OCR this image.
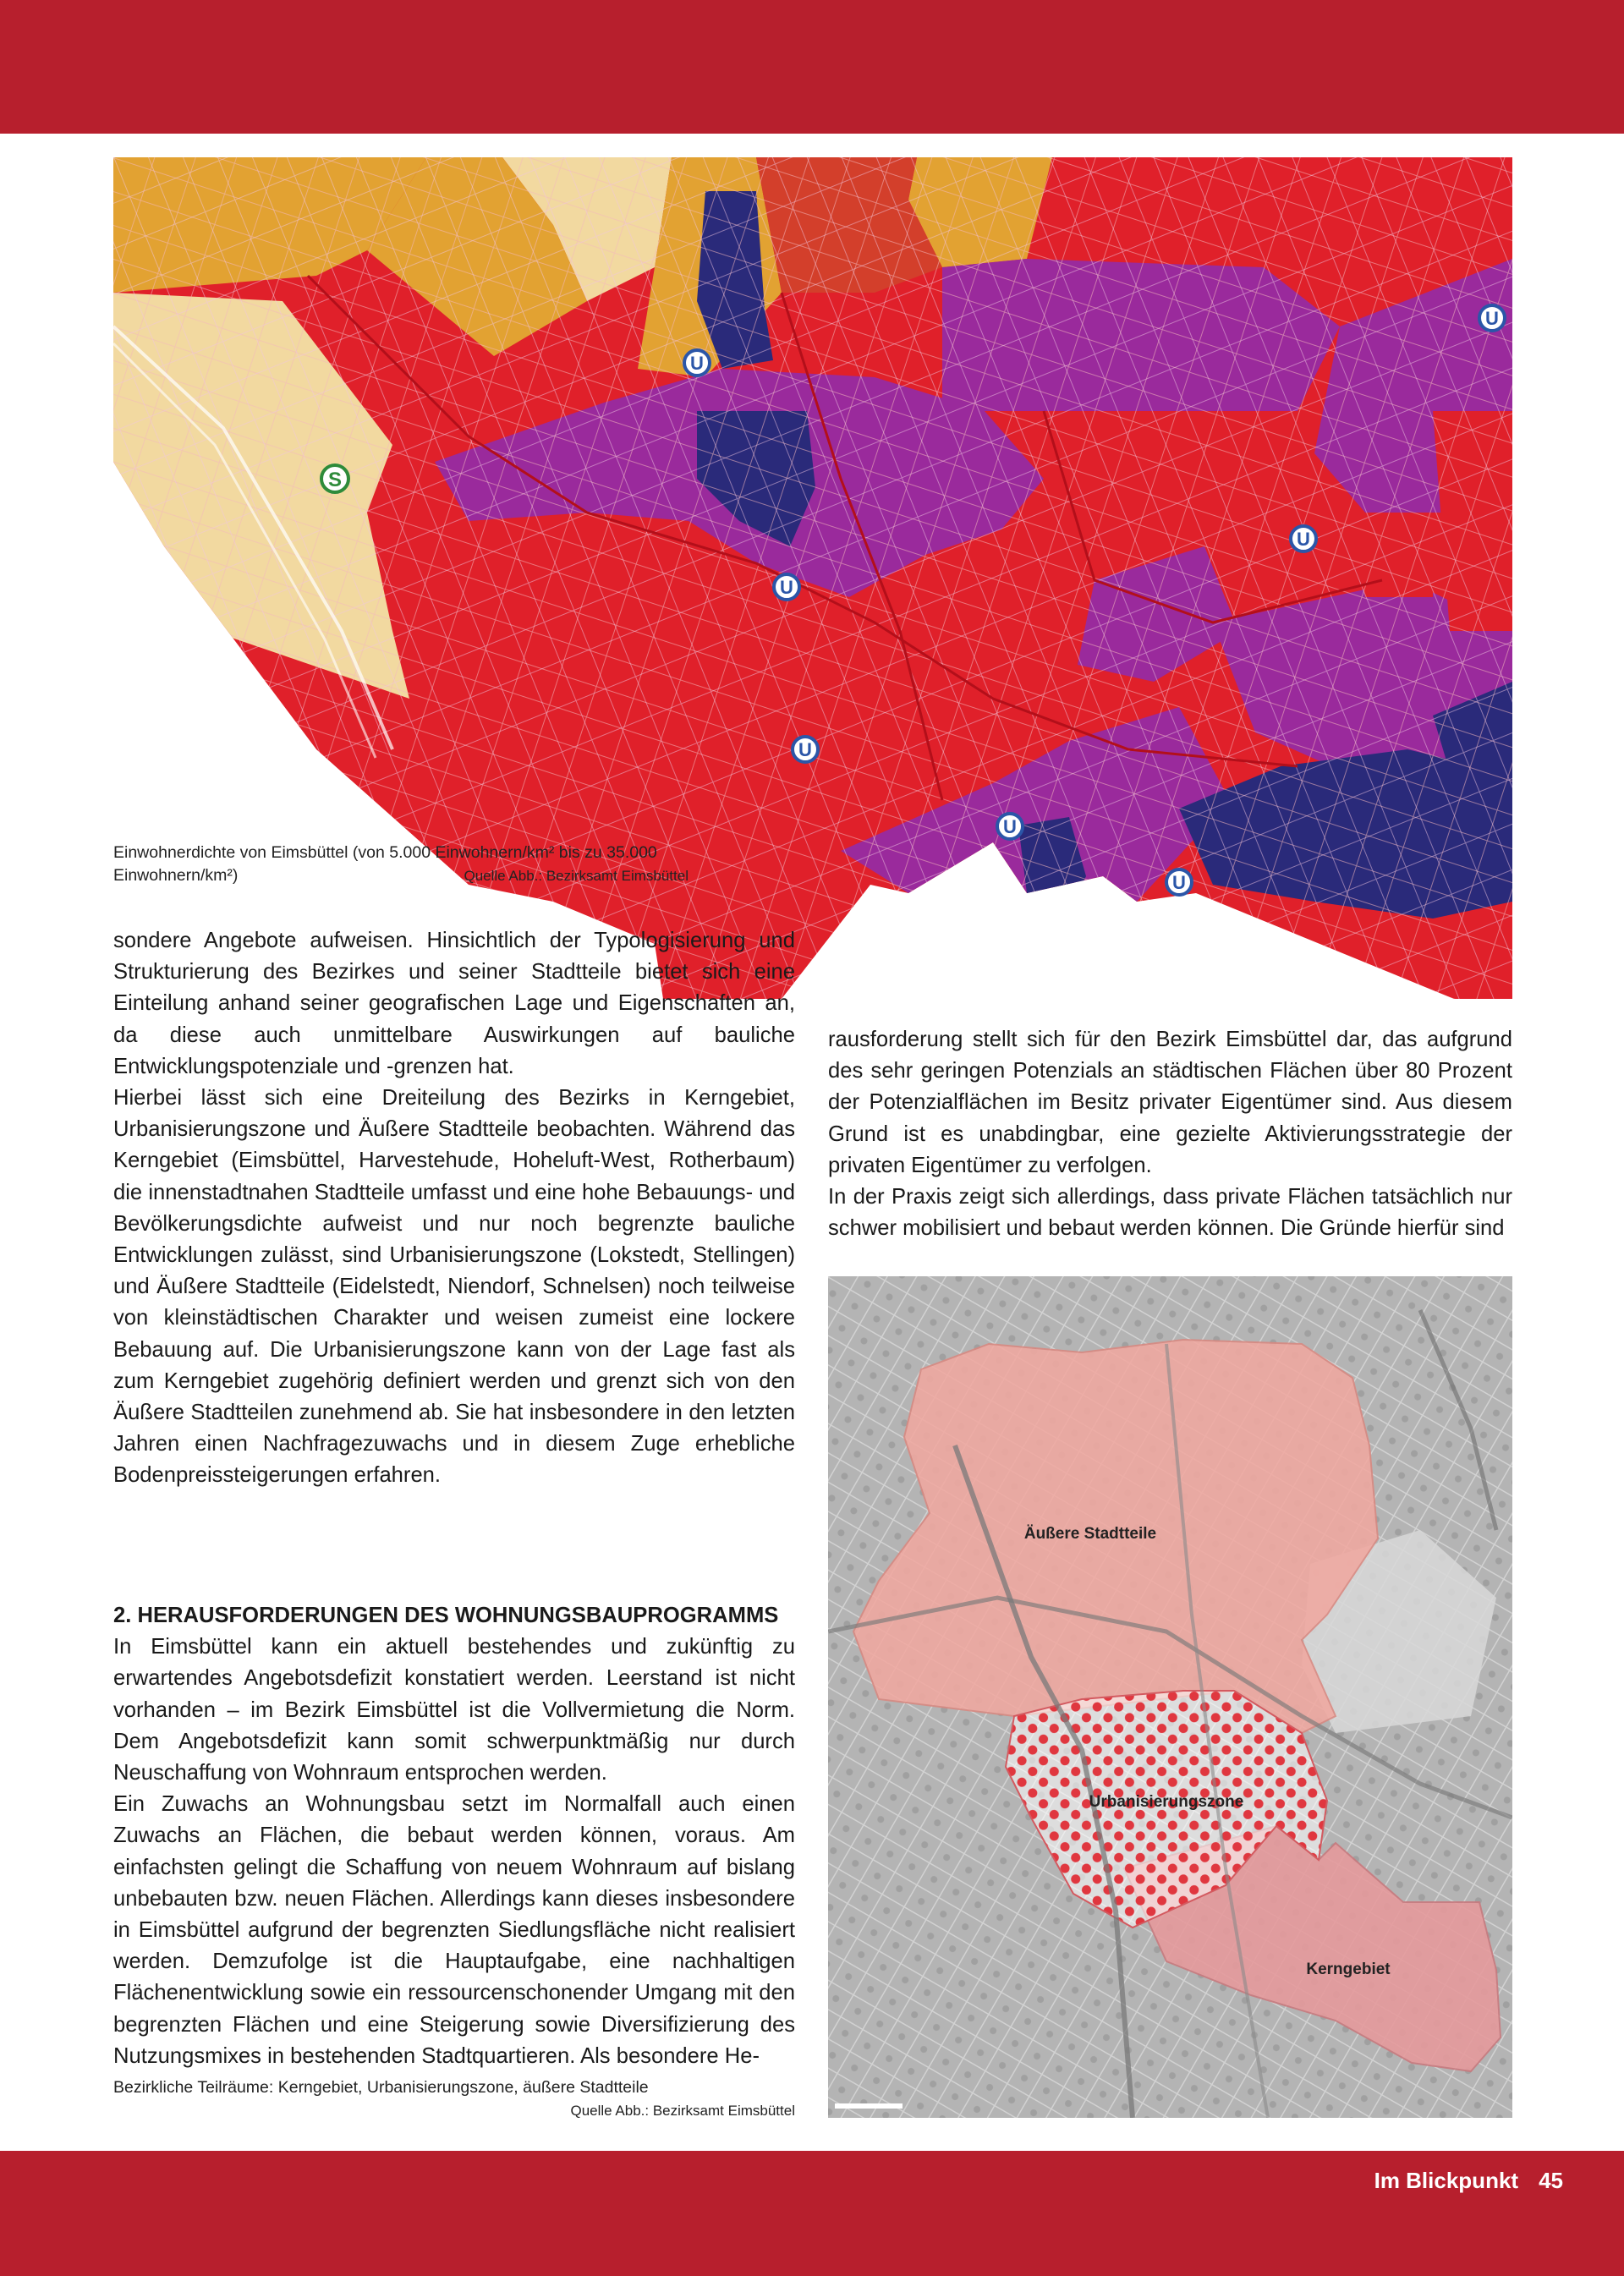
U
U
U
U
U
U
U
S
Einwohnerdichte von Eimsbüttel (von 5.000 Einwohnern/km² bis zu 35.000 Einwohnern/km²)	Quelle Abb.: Bezirksamt Eimsbüttel

sondere Angebote aufweisen. Hinsichtlich der Typologisierung und Strukturierung des Bezirkes und seiner Stadtteile bietet sich eine Einteilung anhand seiner geografischen Lage und Eigenschaften an, da diese auch unmittelbare Auswirkungen auf bauliche Entwicklungspotenziale und -grenzen hat.

Hierbei lässt sich eine Dreiteilung des Bezirks in Kerngebiet, Urbanisierungszone und Äußere Stadtteile beobachten. Während das Kerngebiet (Eimsbüttel, Harvestehude, Hoheluft-West, Rotherbaum) die innenstadtnahen Stadtteile umfasst und eine hohe Bebauungs- und Bevölkerungsdichte aufweist und nur noch begrenzte bauliche Entwicklungen zulässt, sind Urbanisierungszone (Lokstedt, Stellingen) und Äußere Stadtteile (Eidelstedt, Niendorf, Schnelsen) noch teilweise von kleinstädtischen Charakter und weisen zumeist eine lockere Bebauung auf. Die Urbanisierungszone kann von der Lage fast als zum Kerngebiet zugehörig definiert werden und grenzt sich von den Äußere Stadtteilen zunehmend ab. Sie hat insbesondere in den letzten Jahren einen Nachfragezuwachs und in diesem Zuge erhebliche Bodenpreissteigerungen erfahren.

2. HERAUSFORDERUNGEN DES WOHNUNGSBAUPROGRAMMS

In Eimsbüttel kann ein aktuell bestehendes und zukünftig zu erwartendes Angebotsdefizit konstatiert werden. Leerstand ist nicht vorhanden – im Bezirk Eimsbüttel ist die Vollvermietung die Norm. Dem Angebotsdefizit kann somit schwerpunktmäßig nur durch Neuschaffung von Wohnraum entsprochen werden.

Ein Zuwachs an Wohnungsbau setzt im Normalfall auch einen Zuwachs an Flächen, die bebaut werden können, voraus. Am einfachsten gelingt die Schaffung von neuem Wohnraum auf bislang unbebauten bzw. neuen Flächen. Allerdings kann dieses insbesondere in Eimsbüttel aufgrund der begrenzten Siedlungsfläche nicht realisiert werden. Demzufolge ist die Hauptaufgabe, eine nachhaltigen Flächenentwicklung sowie ein ressourcenschonender Umgang mit den begrenzten Flächen und eine Steigerung sowie Diversifizierung des Nutzungsmixes in bestehenden Stadtquartieren. Als besondere He-

rausforderung stellt sich für den Bezirk Eimsbüttel dar, das aufgrund des sehr geringen Potenzials an städtischen Flächen über 80 Prozent der Potenzialflächen im Besitz privater Eigentümer sind. Aus diesem Grund ist es unabdingbar, eine gezielte Aktivierungsstrategie der privaten Eigentümer zu verfolgen.

In der Praxis zeigt sich allerdings, dass private Flächen tatsächlich nur schwer mobilisiert und bebaut werden können. Die Gründe hierfür sind

Äußere Stadtteile
Urbanisierungszone
Kerngebiet
Bezirkliche Teilräume: Kerngebiet, Urbanisierungszone, äußere Stadtteile
Quelle Abb.: Bezirksamt Eimsbüttel
Im Blickpunkt 45
